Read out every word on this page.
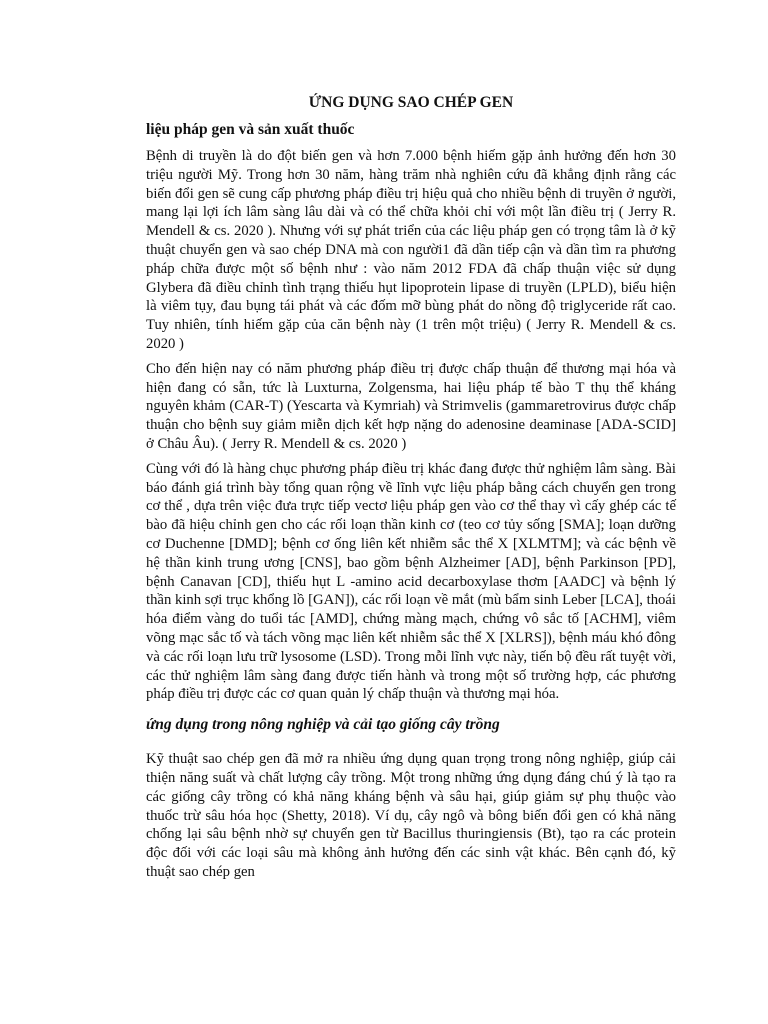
ỨNG DỤNG SAO CHÉP GEN
liệu pháp gen và sản xuất thuốc

Bệnh di truyền là do đột biến gen và hơn 7.000 bệnh hiếm gặp ảnh hưởng đến hơn 30 triệu người Mỹ. Trong hơn 30 năm, hàng trăm nhà nghiên cứu đã khẳng định rằng các biến đổi gen sẽ cung cấp phương pháp điều trị hiệu quả cho nhiều bệnh di truyền ở người, mang lại lợi ích lâm sàng lâu dài và có thể chữa khỏi chỉ với một lần điều trị ( Jerry R. Mendell & cs. 2020 ). Nhưng với sự phát triển của các liệu pháp gen có trọng tâm là ở kỹ thuật chuyển gen và sao chép DNA mà con người1 đã dần tiếp cận và dần tìm ra phương pháp chữa được một số bệnh như : vào năm 2012 FDA đã chấp thuận việc sử dụng Glybera đã điều chỉnh tình trạng thiếu hụt lipoprotein lipase di truyền (LPLD), biểu hiện là viêm tụy, đau bụng tái phát và các đốm mỡ bùng phát do nồng độ triglyceride rất cao. Tuy nhiên, tính hiếm gặp của căn bệnh này (1 trên một triệu) ( Jerry R. Mendell & cs. 2020 )

Cho đến hiện nay có năm phương pháp điều trị được chấp thuận để thương mại hóa và hiện đang có sẵn, tức là Luxturna, Zolgensma, hai liệu pháp tế bào T thụ thể kháng nguyên khảm (CAR-T) (Yescarta và Kymriah) và Strimvelis (gammaretrovirus được chấp thuận cho bệnh suy giảm miễn dịch kết hợp nặng do adenosine deaminase [ADA-SCID] ở Châu Âu). ( Jerry R. Mendell & cs. 2020 )

Cùng với đó là hàng chục phương pháp điều trị khác đang được thử nghiệm lâm sàng. Bài báo đánh giá trình bày tổng quan rộng về lĩnh vực liệu pháp bằng cách chuyển gen trong cơ thể , dựa trên việc đưa trực tiếp vectơ liệu pháp gen vào cơ thể thay vì cấy ghép các tế bào đã hiệu chỉnh gen cho các rối loạn thần kinh cơ (teo cơ tủy sống [SMA]; loạn dưỡng cơ Duchenne [DMD]; bệnh cơ ống liên kết nhiễm sắc thể X [XLMTM]; và các bệnh về hệ thần kinh trung ương [CNS], bao gồm bệnh Alzheimer [AD], bệnh Parkinson [PD], bệnh Canavan [CD], thiếu hụt L -amino acid decarboxylase thơm [AADC] và bệnh lý thần kinh sợi trục khổng lồ [GAN]), các rối loạn về mắt (mù bẩm sinh Leber [LCA], thoái hóa điểm vàng do tuổi tác [AMD], chứng màng mạch, chứng vô sắc tố [ACHM], viêm võng mạc sắc tố và tách võng mạc liên kết nhiễm sắc thể X [XLRS]), bệnh máu khó đông và các rối loạn lưu trữ lysosome (LSD). Trong mỗi lĩnh vực này, tiến bộ đều rất tuyệt vời, các thử nghiệm lâm sàng đang được tiến hành và trong một số trường hợp, các phương pháp điều trị được các cơ quan quản lý chấp thuận và thương mại hóa.

ứng dụng trong nông nghiệp và cải tạo giống cây trồng

Kỹ thuật sao chép gen đã mở ra nhiều ứng dụng quan trọng trong nông nghiệp, giúp cải thiện năng suất và chất lượng cây trồng. Một trong những ứng dụng đáng chú ý là tạo ra các giống cây trồng có khả năng kháng bệnh và sâu hại, giúp giảm sự phụ thuộc vào thuốc trừ sâu hóa học (Shetty, 2018). Ví dụ, cây ngô và bông biến đổi gen có khả năng chống lại sâu bệnh nhờ sự chuyển gen từ Bacillus thuringiensis (Bt), tạo ra các protein độc đối với các loại sâu mà không ảnh hưởng đến các sinh vật khác. Bên cạnh đó, kỹ thuật sao chép gen
